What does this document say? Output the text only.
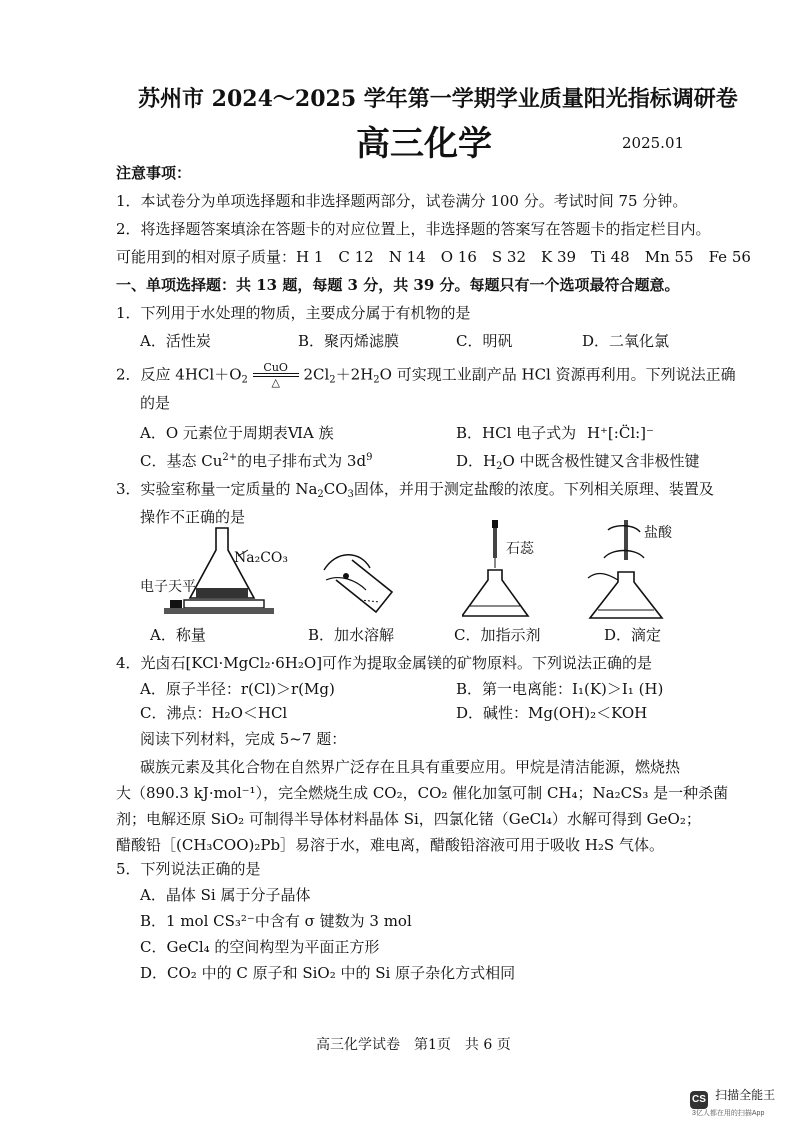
苏州市 2024～2025 学年第一学期学业质量阳光指标调研卷
高三化学	2025.01
注意事项：
1．本试卷分为单项选择题和非选择题两部分，试卷满分 100 分。考试时间 75 分钟。
2．将选择题答案填涂在答题卡的对应位置上，非选择题的答案写在答题卡的指定栏目内。
可能用到的相对原子质量：H 1　C 12　N 14　O 16　S 32　K 39　Ti 48　Mn 55　Fe 56
一、单项选择题：共 13 题，每题 3 分，共 39 分。每题只有一个选项最符合题意。
1．下列用于水处理的物质，主要成分属于有机物的是
A．活性炭	B．聚丙烯滤膜	C．明矾	D．二氧化氯
2．反应 $4HCl+O_2$
CuO
△	$2Cl_2+2H_2O$ 可实现工业副产品 HCl 资源再利用。下列说法正确
的是
A．O 元素位于周期表ⅥA 族	B．HCl 电子式为 H⁺[:C̈l:]⁻
C．基态 $Cu^{2+}$的电子排布式为 $3d^9$	D．$H_2O$ 中既含极性键又含非极性键
3．实验室称量一定质量的 $Na_2CO_3$固体，并用于测定盐酸的浓度。下列相关原理、装置及
操作不正确的是
Na₂CO₃
电子天平
石蕊
盐酸
A．称量	B．加水溶解	C．加指示剂	D．滴定
4．光卤石[KCl·MgCl₂·6H₂O]可作为提取金属镁的矿物原料。下列说法正确的是
A．原子半径：r(Cl)＞r(Mg)	B．第一电离能：I₁(K)＞I₁ (H)
C．沸点：H₂O＜HCl	D．碱性：Mg(OH)₂＜KOH
阅读下列材料，完成 5~7 题：
碳族元素及其化合物在自然界广泛存在且具有重要应用。甲烷是清洁能源，燃烧热
大（890.3 kJ·mol⁻¹），完全燃烧生成 CO₂，CO₂ 催化加氢可制 CH₄；Na₂CS₃ 是一种杀菌
剂；电解还原 SiO₂ 可制得半导体材料晶体 Si，四氯化锗（GeCl₄）水解可得到 GeO₂；
醋酸铅［(CH₃COO)₂Pb］易溶于水，难电离，醋酸铅溶液可用于吸收 H₂S 气体。
5．下列说法正确的是
A．晶体 Si 属于分子晶体
B．1 mol CS₃²⁻中含有 σ 键数为 3 mol
C．GeCl₄ 的空间构型为平面正方形
D．CO₂ 中的 C 原子和 SiO₂ 中的 Si 原子杂化方式相同
高三化学试卷　第1页　共 6 页
CS 扫描全能王
3亿人都在用的扫描App
